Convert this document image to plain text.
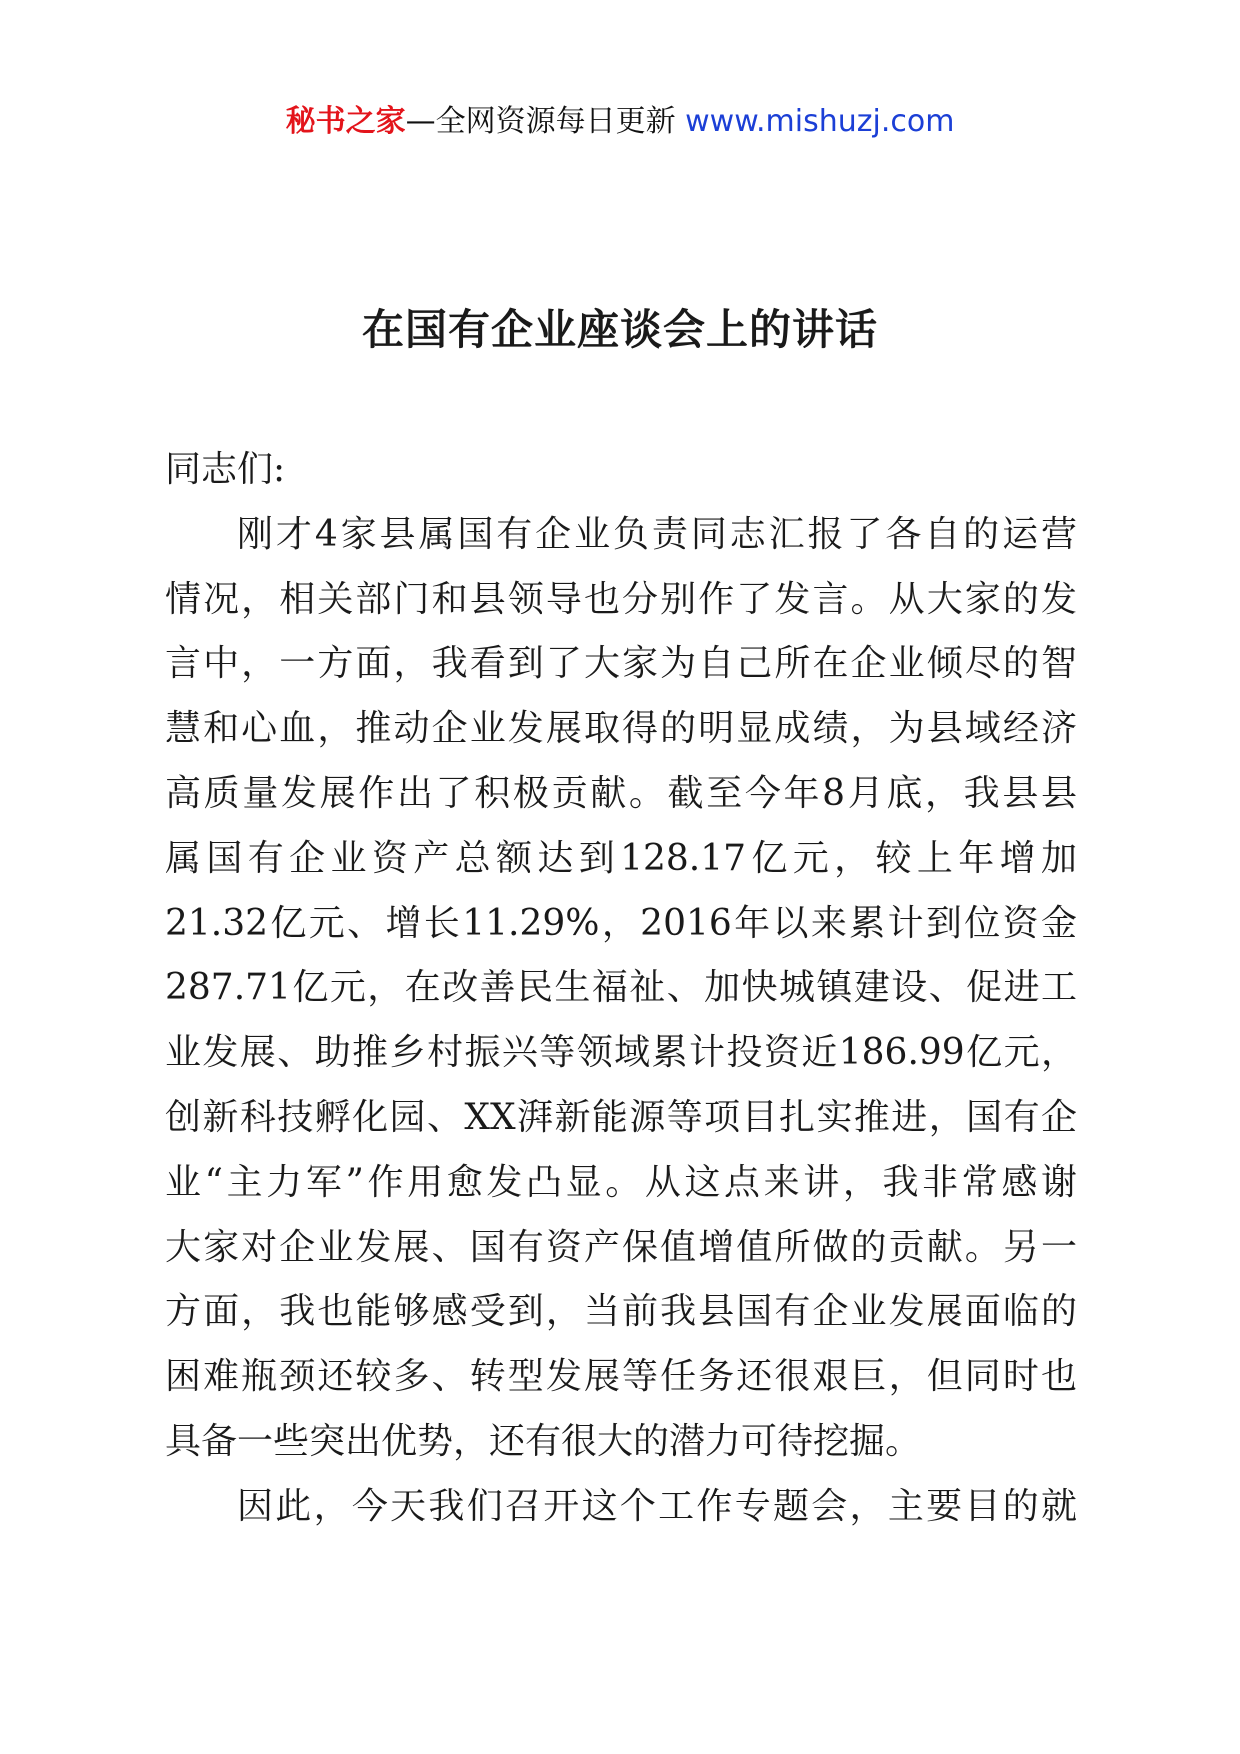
秘书之家—全网资源每日更新 www.mishuzj.com
在国有企业座谈会上的讲话
同志们:
刚才4家县属国有企业负责同志汇报了各自的运营
情况，相关部门和县领导也分别作了发言。从大家的发
言中，一方面，我看到了大家为自己所在企业倾尽的智
慧和心血，推动企业发展取得的明显成绩，为县域经济
高质量发展作出了积极贡献。截至今年8月底，我县县
属国有企业资产总额达到128.17亿元，较上年增加
21.32亿元、增长11.29%，2016年以来累计到位资金
287.71亿元，在改善民生福祉、加快城镇建设、促进工
业发展、助推乡村振兴等领域累计投资近186.99亿元，
创新科技孵化园、XX湃新能源等项目扎实推进，国有企
业“主力军”作用愈发凸显。从这点来讲，我非常感谢
大家对企业发展、国有资产保值增值所做的贡献。另一
方面，我也能够感受到，当前我县国有企业发展面临的
困难瓶颈还较多、转型发展等任务还很艰巨，但同时也
具备一些突出优势，还有很大的潜力可待挖掘。
因此，今天我们召开这个工作专题会，主要目的就
